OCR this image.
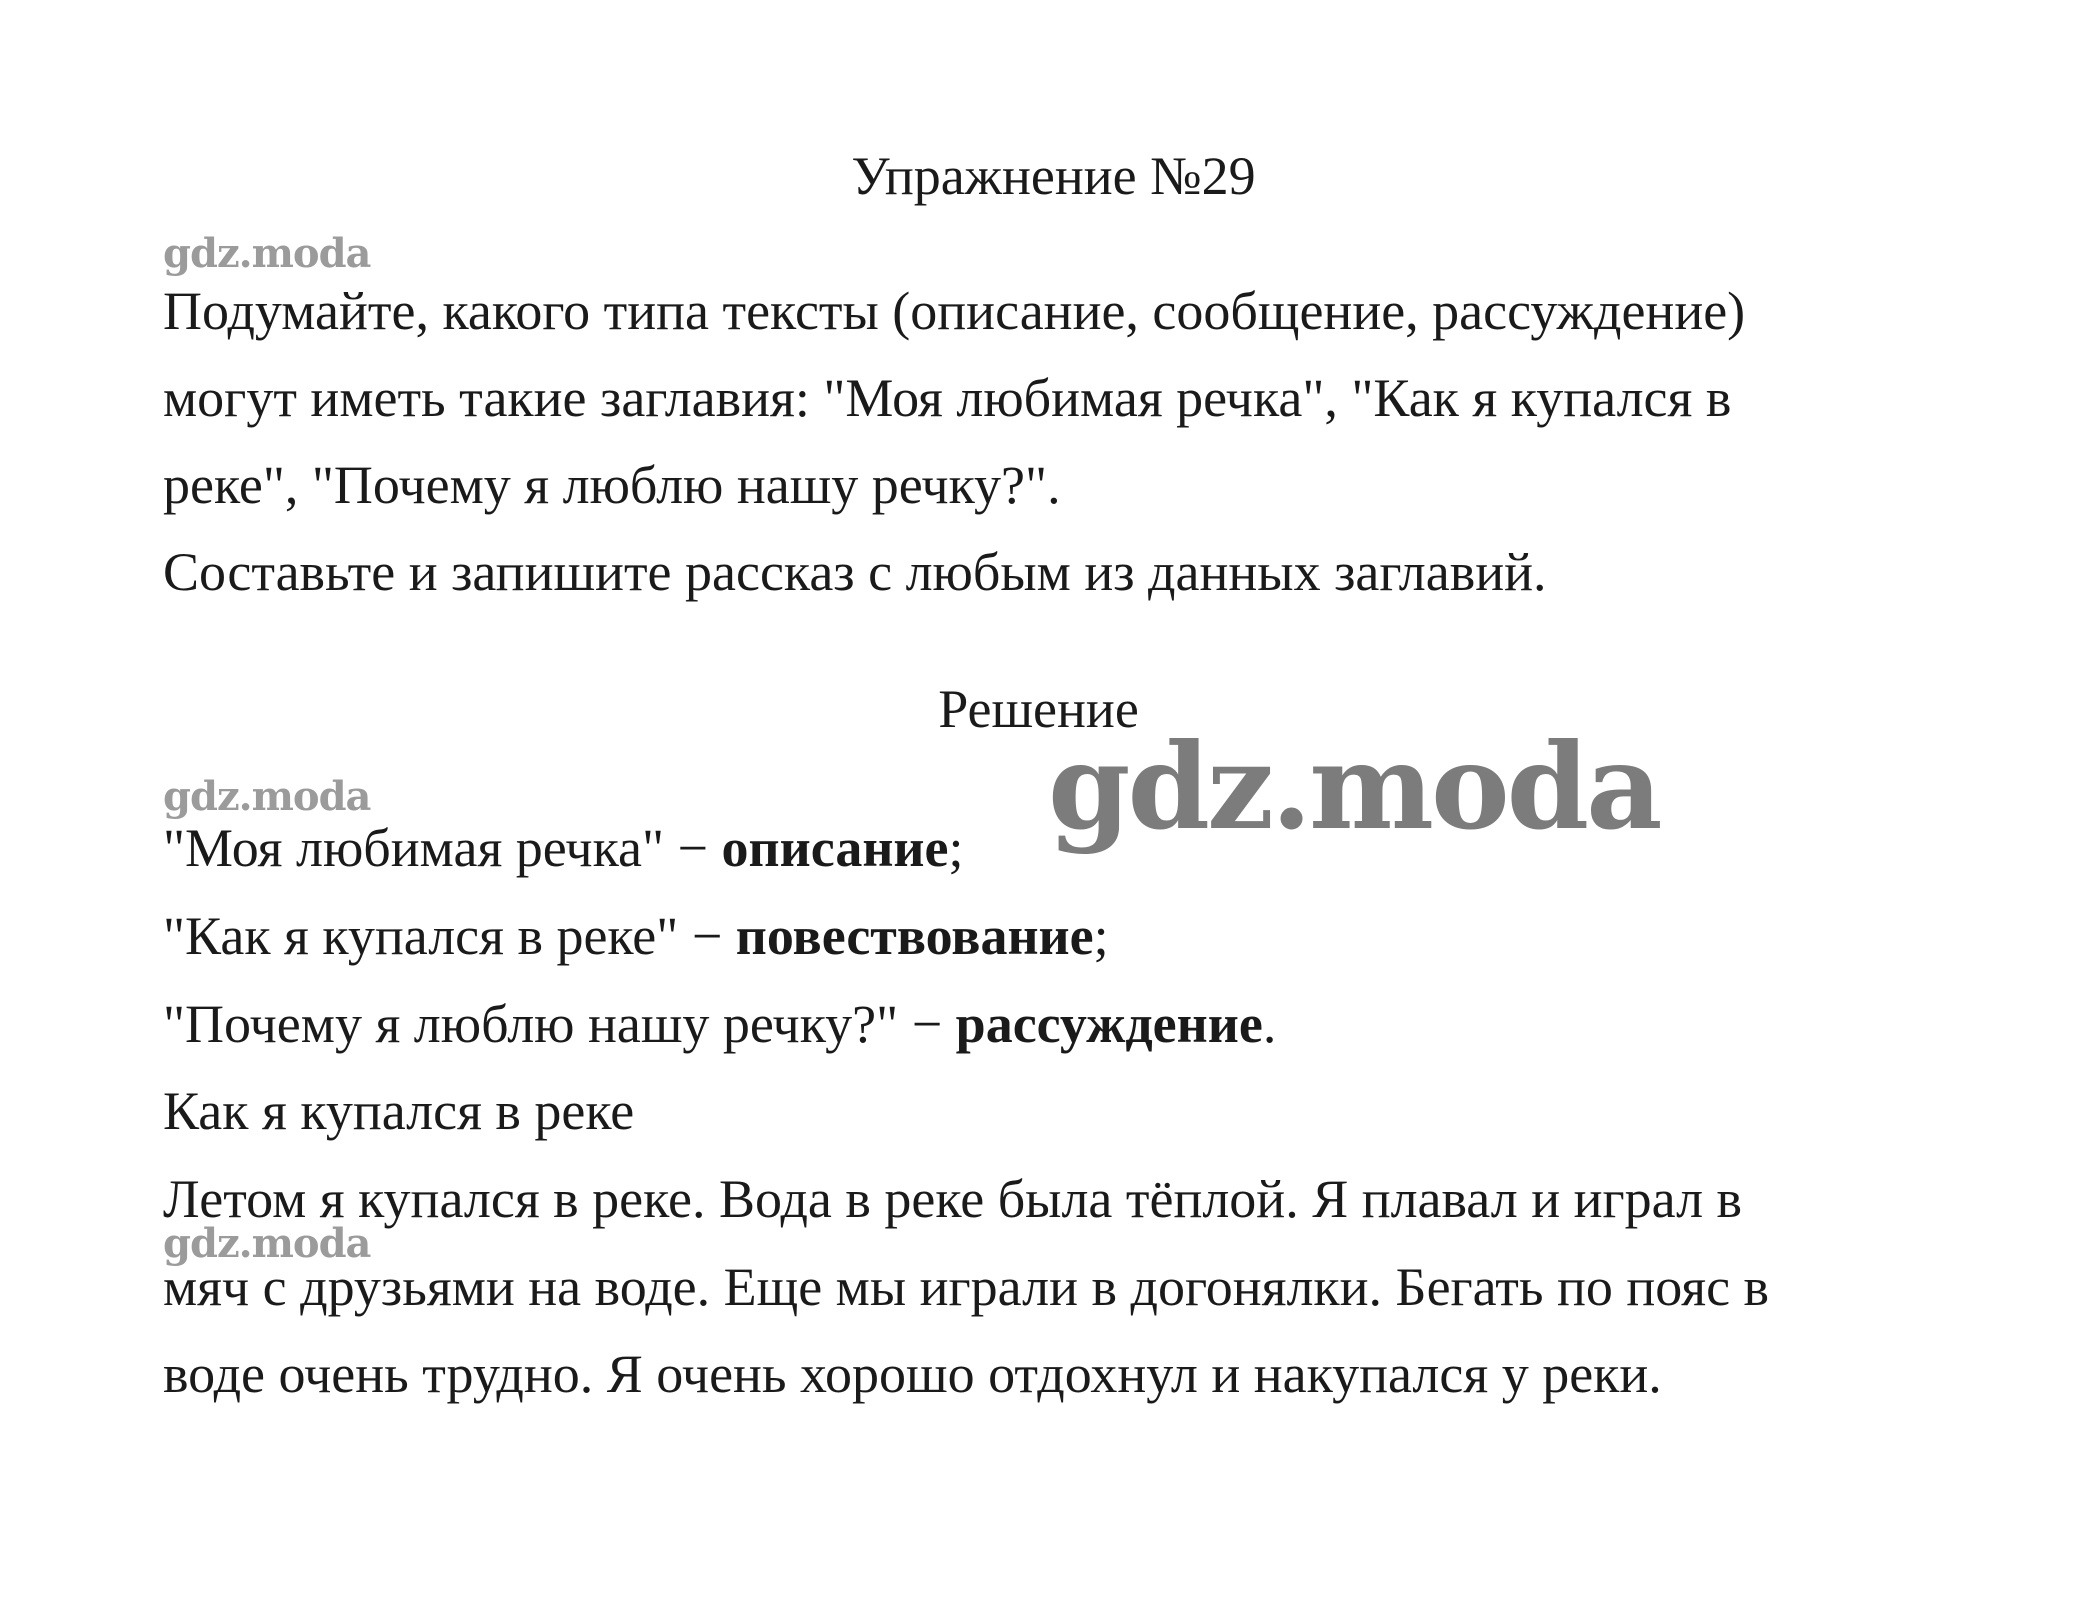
Упражнение №29
gdz.moda
Подумайте, какого типа тексты (описание, сообщение, рассуждение)
могут иметь такие заглавия: "Моя любимая речка", "Как я купался в
реке", "Почему я люблю нашу речку?".
Составьте и запишите рассказ с любым из данных заглавий.
Решение
gdz.moda	gdz.moda
"Моя любимая речка" − описание;
"Как я купался в реке" − повествование;
"Почему я люблю нашу речку?" − рассуждение.
Как я купался в реке
Летом я купался в реке. Вода в реке была тёплой. Я плавал и играл в
gdz.moda
мяч с друзьями на воде. Еще мы играли в догонялки. Бегать по пояс в
воде очень трудно. Я очень хорошо отдохнул и накупался у реки.
